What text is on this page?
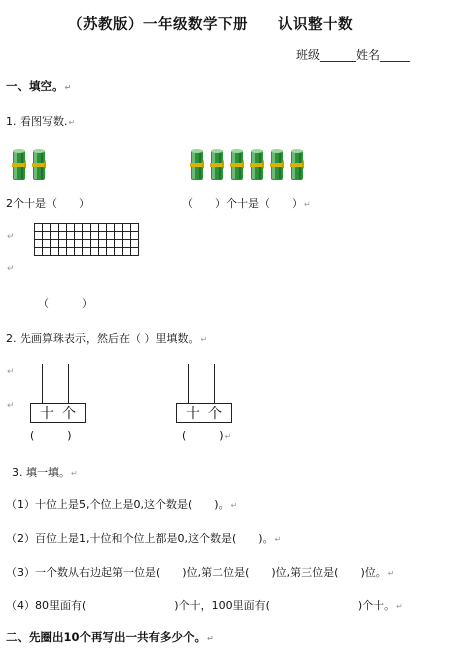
（苏教版）一年级数学下册　　认识整十数
班级______姓名_____
一、填空。↵
1. 看图写数.↵
2个十是（　　）	（　　）个十是（　　）↵
↵
↵

（　　　）
2. 先画算珠表示，然后在（ ）里填数。↵
↵
↵ 十 个
(　　　)
十 个
(　　　)↵
3. 填一填。↵
（1）十位上是5,个位上是0,这个数是(　　)。↵
（2）百位上是1,十位和个位上都是0,这个数是(　　)。↵
（3）一个数从右边起第一位是(　　)位,第二位是(　　)位,第三位是(　　)位。↵
（4）80里面有(　　　　　　　　)个十，100里面有(　　　　　　　　)个十。↵
二、先圈出10个再写出一共有多少个。↵
